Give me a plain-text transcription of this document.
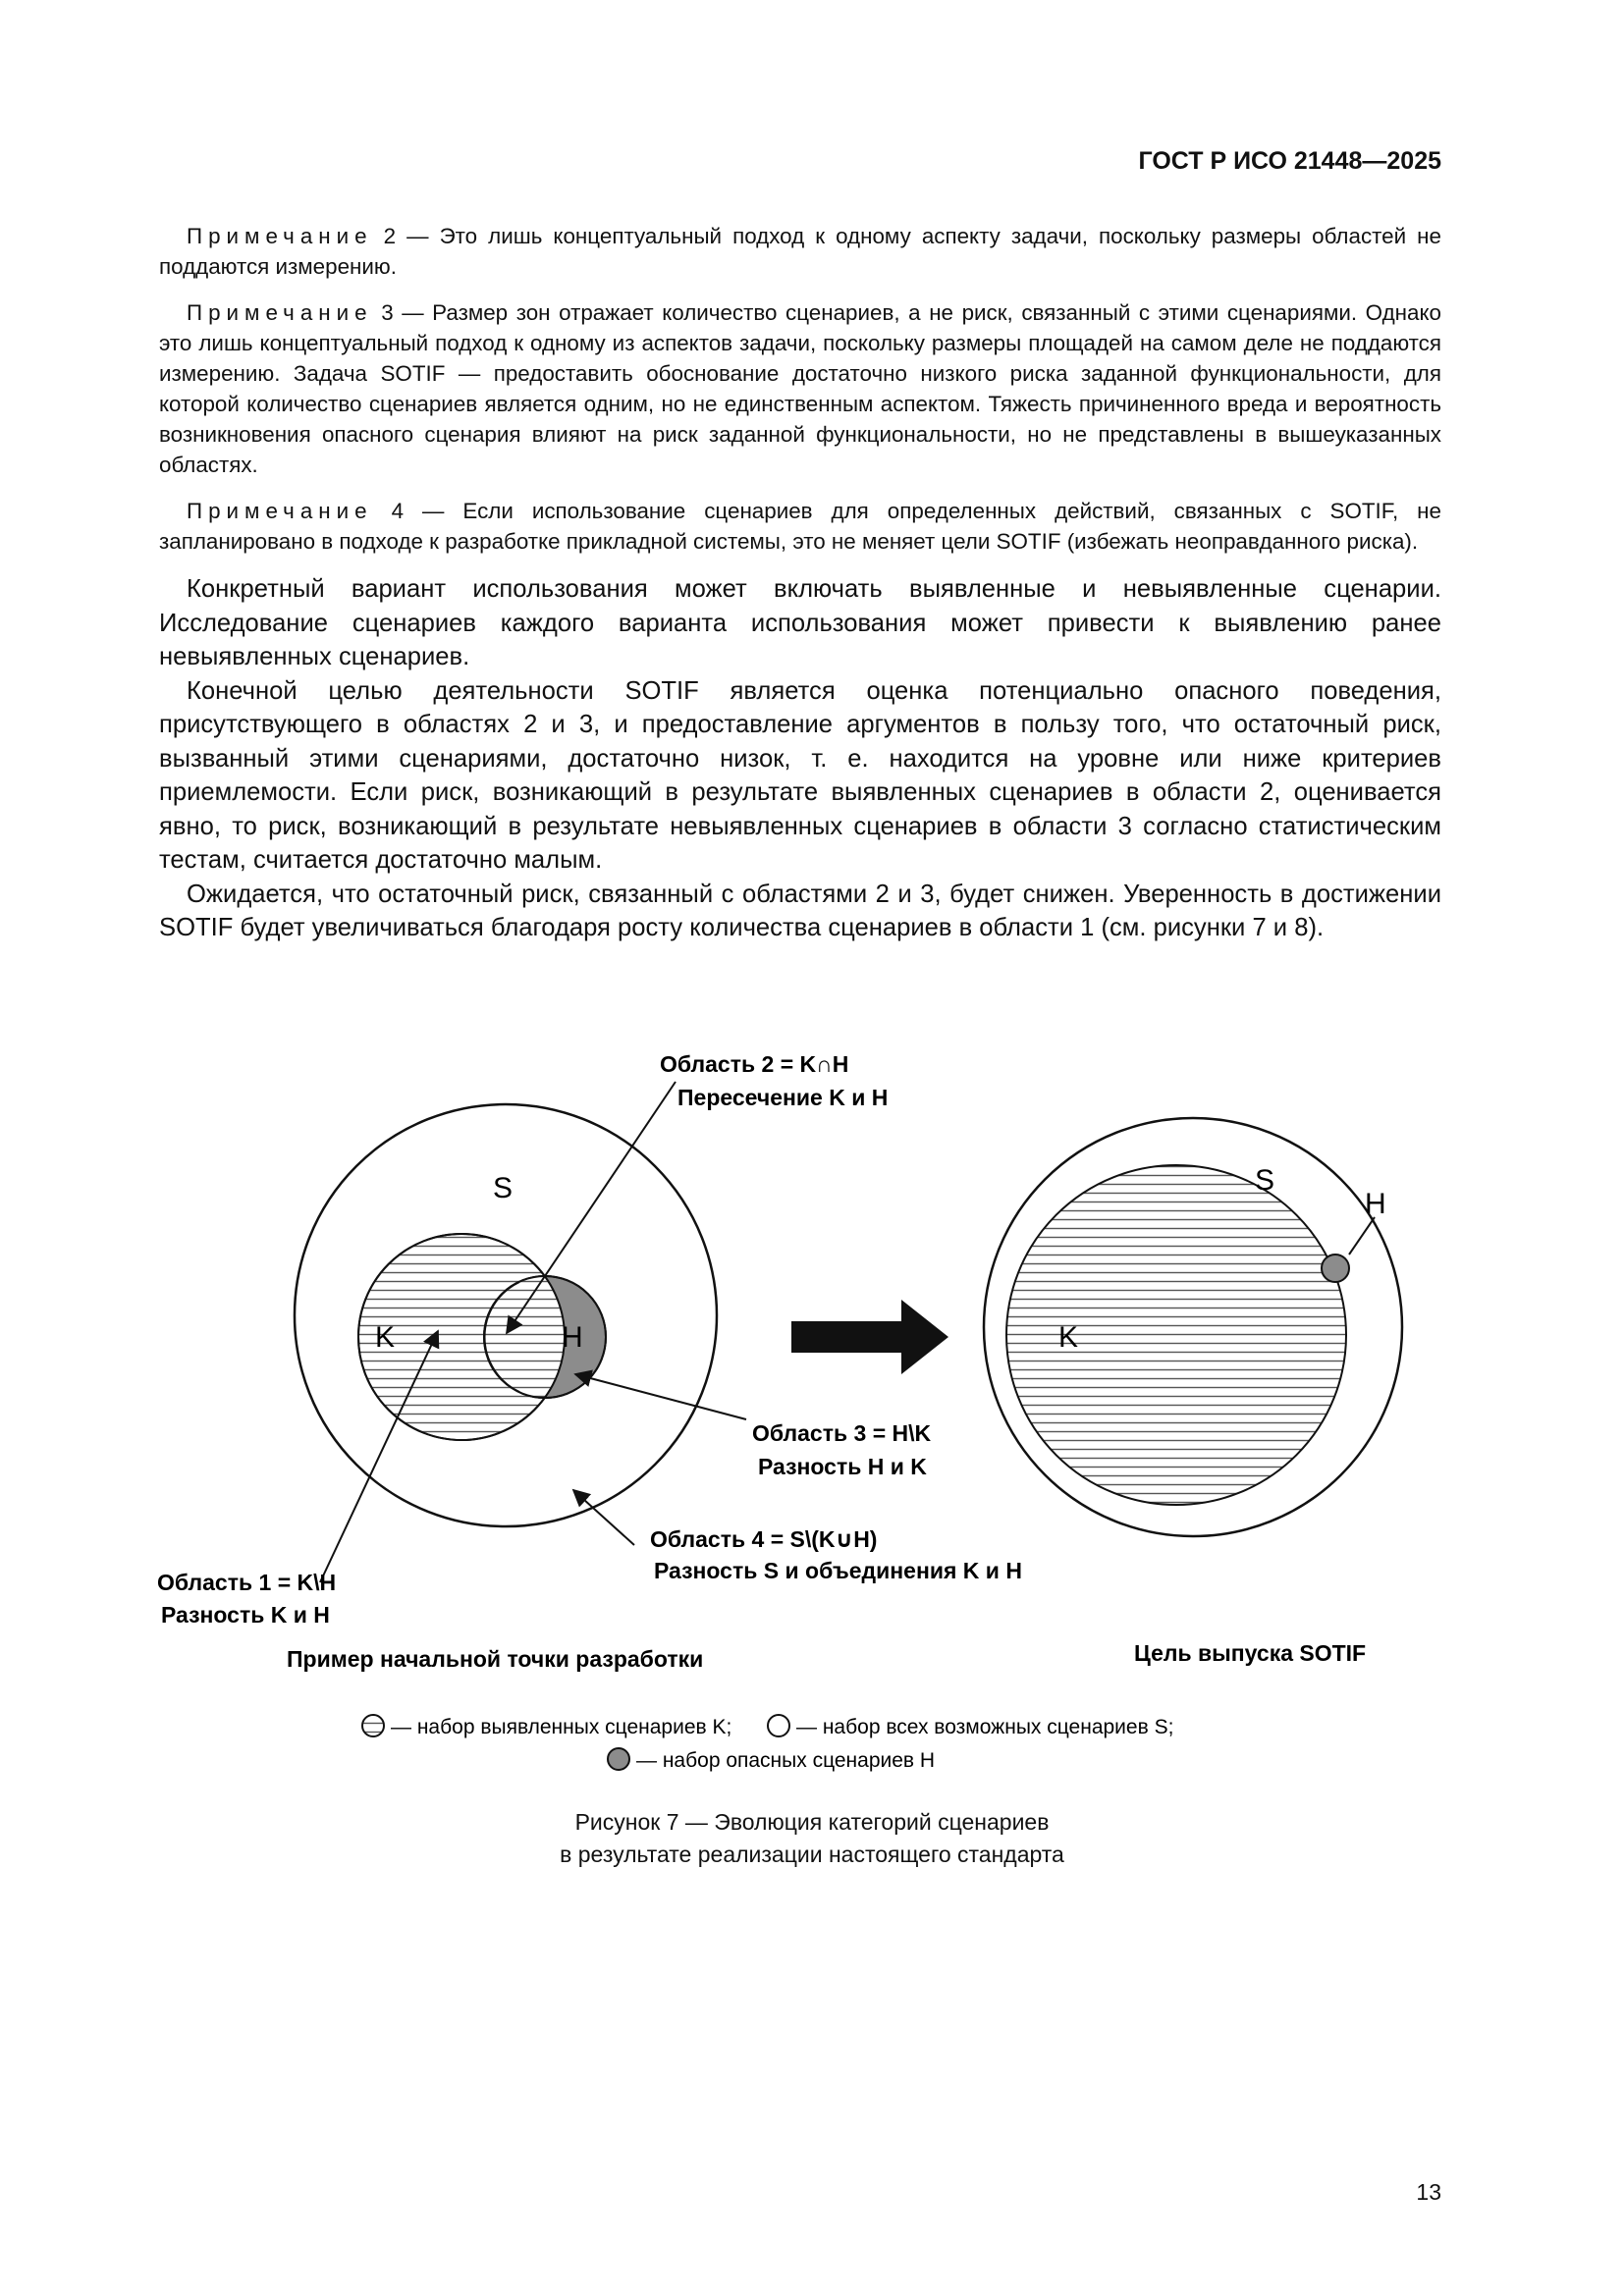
ГОСТ Р ИСО 21448—2025

Примечание 2 — Это лишь концептуальный подход к одному аспекту задачи, поскольку размеры областей не поддаются измерению.

Примечание 3 — Размер зон отражает количество сценариев, а не риск, связанный с этими сценариями. Однако это лишь концептуальный подход к одному из аспектов задачи, поскольку размеры площадей на самом деле не поддаются измерению. Задача SOTIF — предоставить обоснование достаточно низкого риска заданной функциональности, для которой количество сценариев является одним, но не единственным аспектом. Тяжесть причиненного вреда и вероятность возникновения опасного сценария влияют на риск заданной функциональности, но не представлены в вышеуказанных областях.

Примечание 4 — Если использование сценариев для определенных действий, связанных с SOTIF, не запланировано в подходе к разработке прикладной системы, это не меняет цели SOTIF (избежать неоправданного риска).

Конкретный вариант использования может включать выявленные и невыявленные сценарии. Исследование сценариев каждого варианта использования может привести к выявлению ранее невыявленных сценариев.

Конечной целью деятельности SOTIF является оценка потенциально опасного поведения, присутствующего в областях 2 и 3, и предоставление аргументов в пользу того, что остаточный риск, вызванный этими сценариями, достаточно низок, т. е. находится на уровне или ниже критериев приемлемости. Если риск, возникающий в результате выявленных сценариев в области 2, оценивается явно, то риск, возникающий в результате невыявленных сценариев в области 3 согласно статистическим тестам, считается достаточно малым.

Ожидается, что остаточный риск, связанный с областями 2 и 3, будет снижен. Уверенность в достижении SOTIF будет увеличиваться благодаря росту количества сценариев в области 1 (см. рисунки 7 и 8).

S
K	H
Область 2 = K∩H
Пересечение K и H
Область 3 = H\K
Разность H и K
Область 4 = S\(K∪H)
Разность S и объединения K и H
Область 1 = K\H
Разность K и H
S
H
K
Пример начальной точки разработки	Цель выпуска SOTIF
— набор выявленных сценариев K;	— набор всех возможных сценариев S;
— набор опасных сценариев H
Рисунок 7 — Эволюция категорий сценариев
в результате реализации настоящего стандарта
13
